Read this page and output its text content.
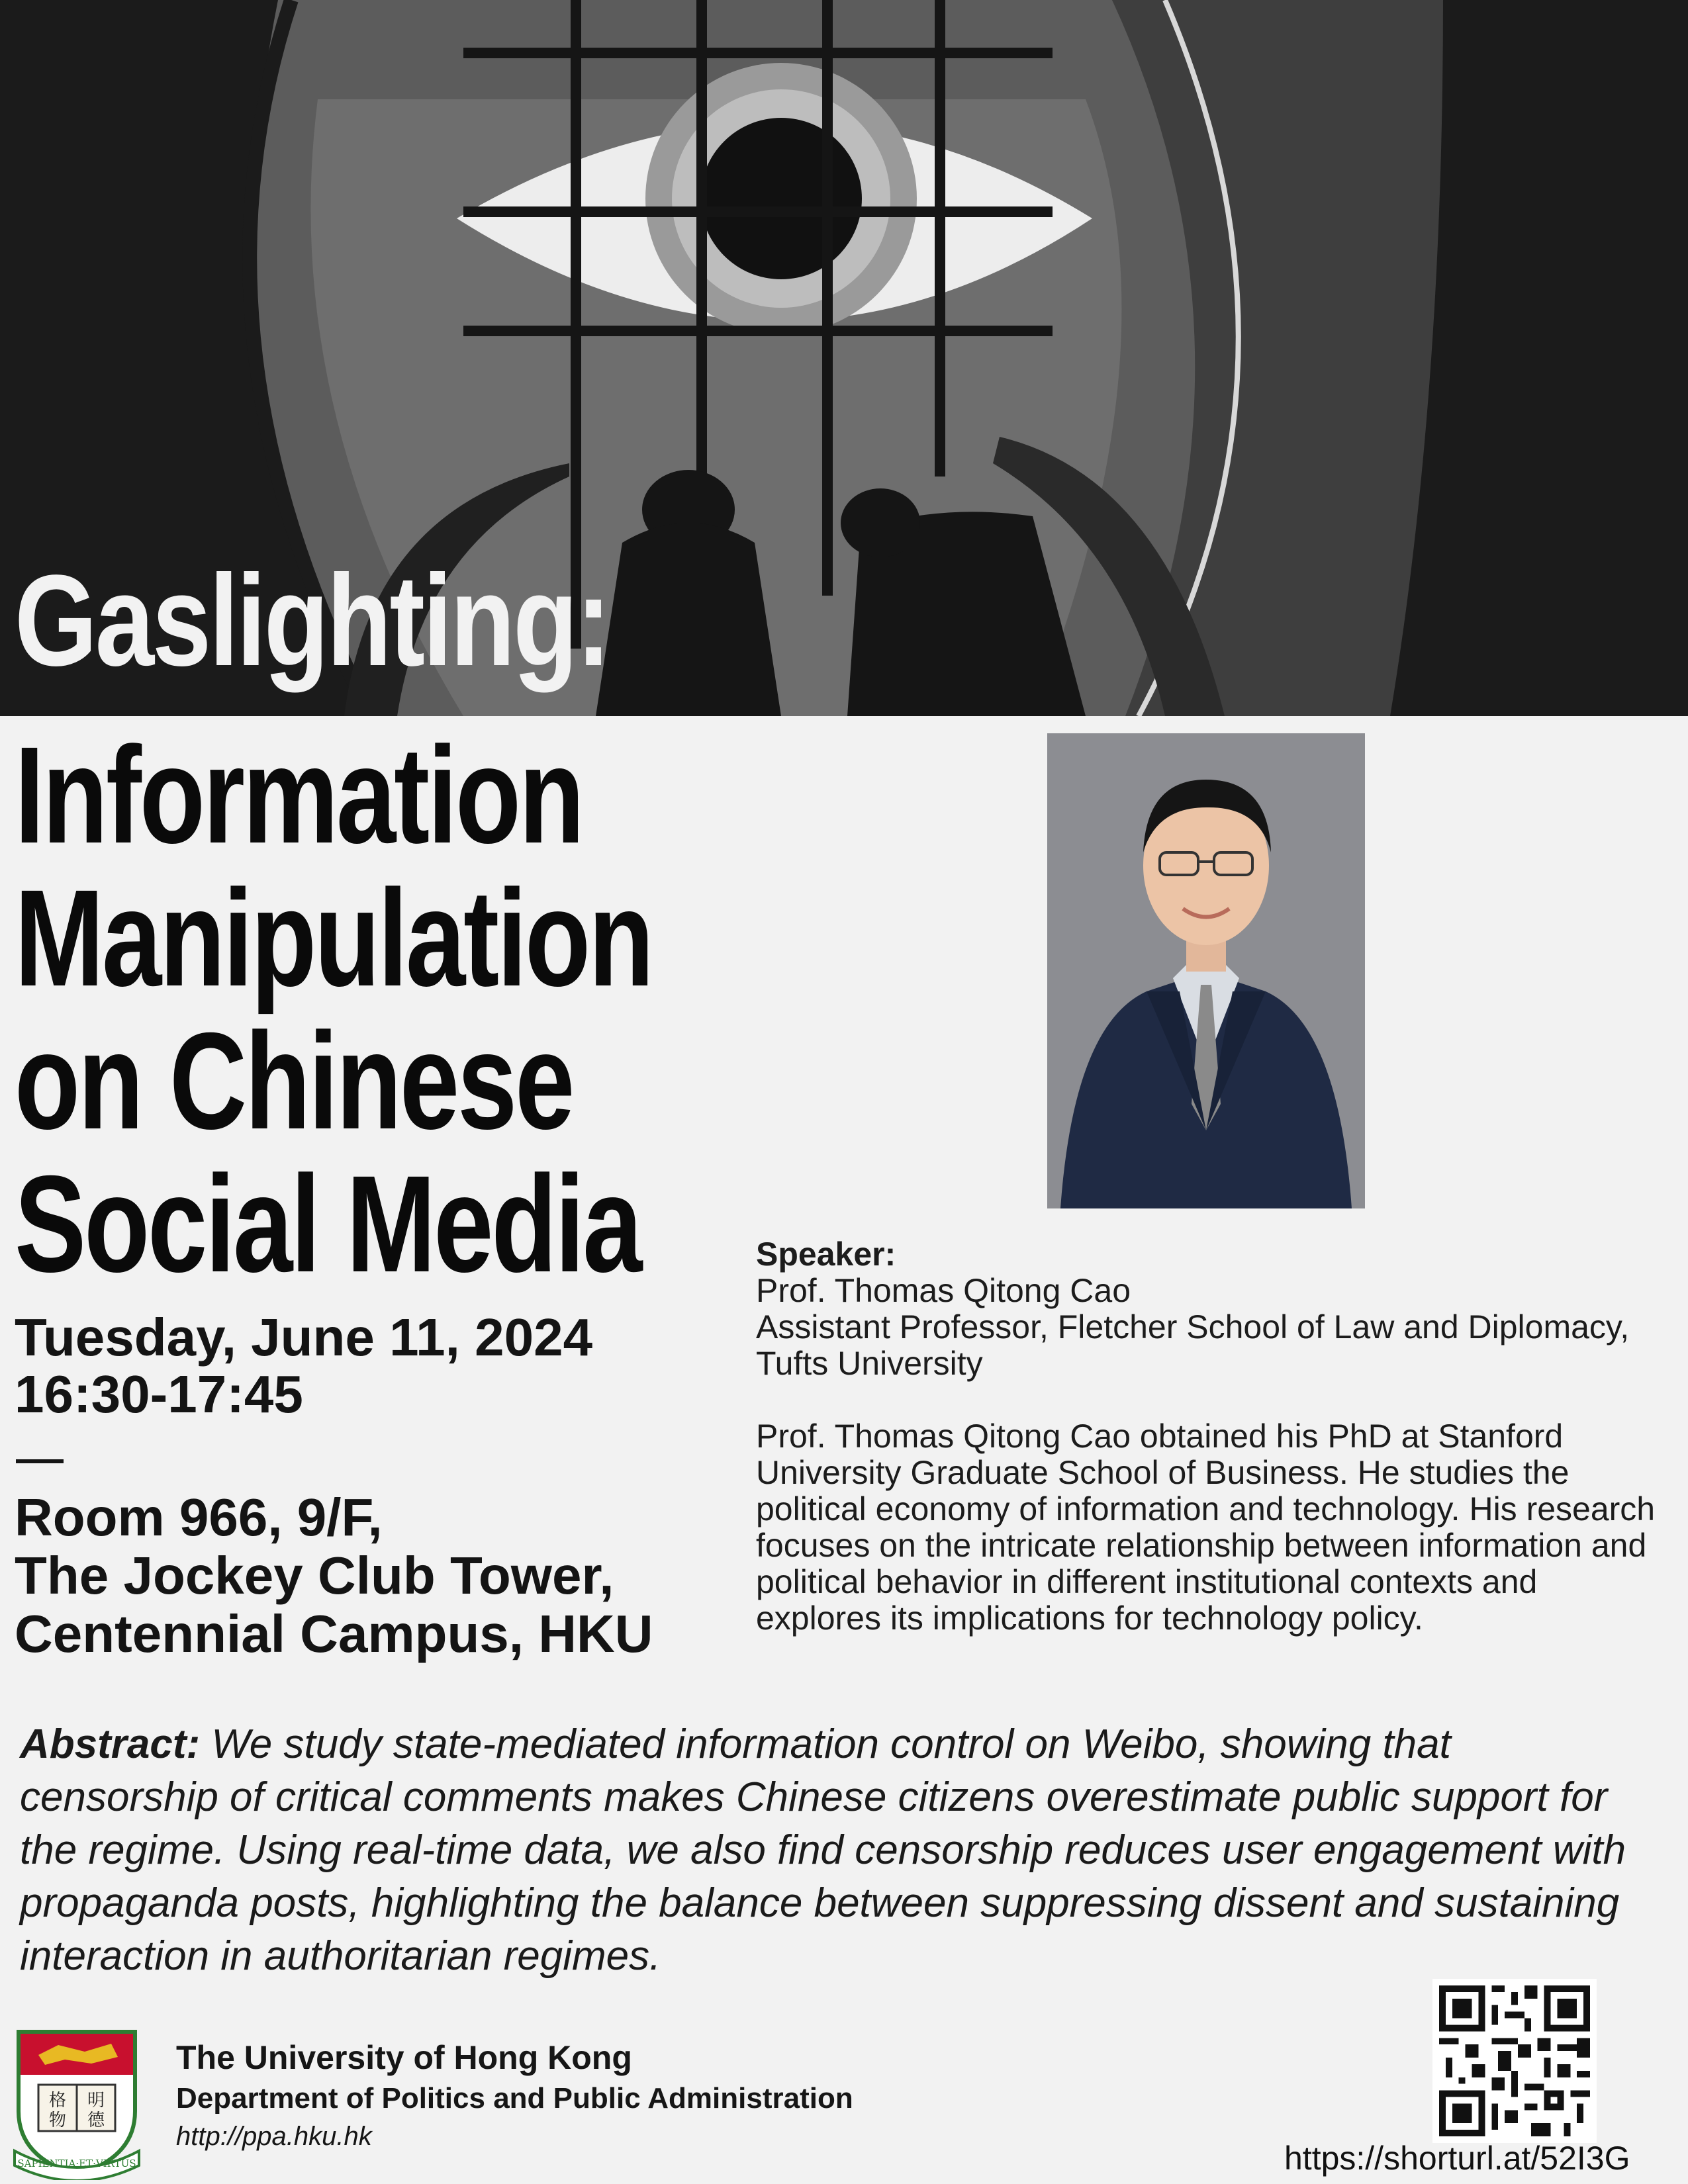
Gaslighting:
Information
Manipulation
on Chinese
Social Media
Tuesday, June 11, 2024
16:30-17:45
Room 966, 9/F,
The Jockey Club Tower,
Centennial Campus, HKU

Speaker:

Prof. Thomas Qitong Cao

Assistant Professor, Fletcher School of Law and Diplomacy, Tufts University

Prof. Thomas Qitong Cao obtained his PhD at Stanford University Graduate School of Business. He studies the political economy of information and technology. His research focuses on the intricate relationship between information and political behavior in different institutional contexts and explores its implications for technology policy.

Abstract: We study state-mediated information control on Weibo, showing that censorship of critical comments makes Chinese citizens overestimate public support for the regime. Using real-time data, we also find censorship reduces user engagement with propaganda posts, highlighting the balance between suppressing dissent and sustaining interaction in authoritarian regimes.
格 明
物 德
SAPIENTIA·ET·VIRTUS
The University of Hong Kong
Department of Politics and Public Administration
http://ppa.hku.hk
https://shorturl.at/52I3G
